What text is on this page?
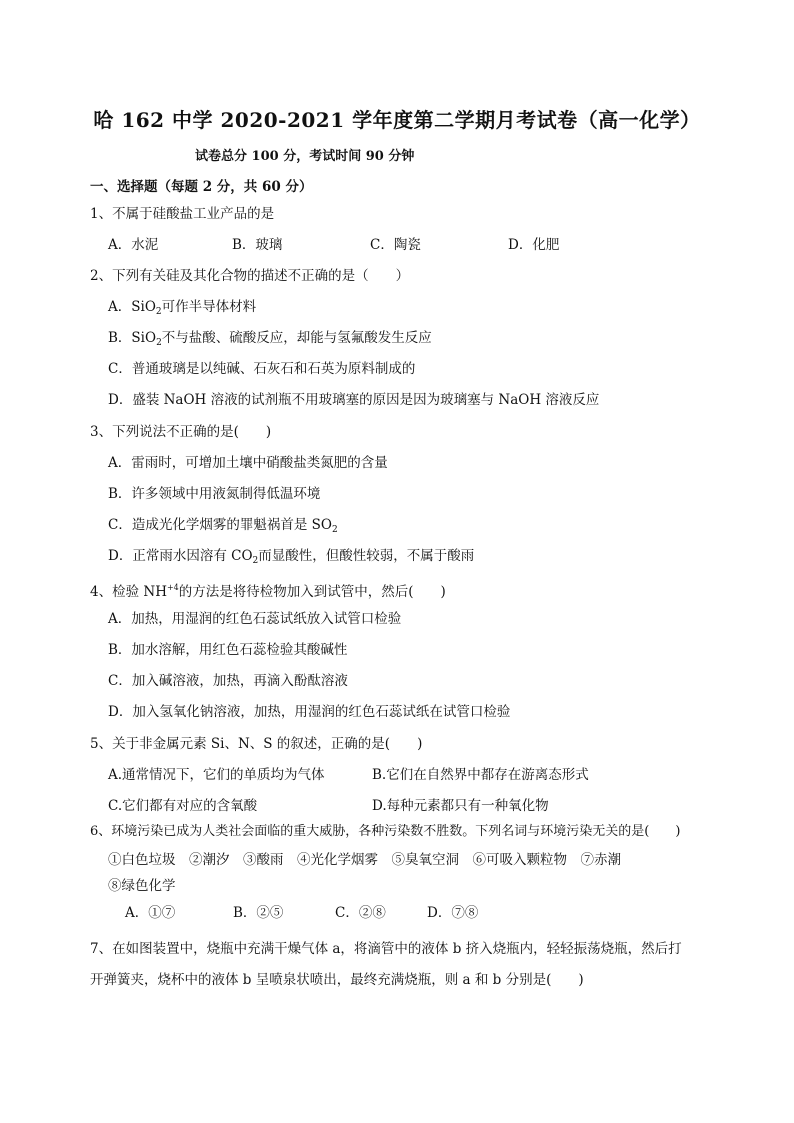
哈 162 中学 2020-2021 学年度第二学期月考试卷（高一化学）
试卷总分 100 分，考试时间 90 分钟
一、选择题（每题 2 分，共 60 分）
1、不属于硅酸盐工业产品的是
A．水泥	B．玻璃	C．陶瓷	D．化肥
2、下列有关硅及其化合物的描述不正确的是（　　）
A．SiO$_2$可作半导体材料
B．SiO$_2$不与盐酸、硫酸反应，却能与氢氟酸发生反应
C．普通玻璃是以纯碱、石灰石和石英为原料制成的
D．盛装 NaOH 溶液的试剂瓶不用玻璃塞的原因是因为玻璃塞与 NaOH 溶液反应
3、下列说法不正确的是(　　)
A．雷雨时，可增加土壤中硝酸盐类氮肥的含量
B．许多领域中用液氮制得低温环境
C．造成光化学烟雾的罪魁祸首是 $SO_2$
D．正常雨水因溶有 $CO_2$而显酸性，但酸性较弱，不属于酸雨
4、检验 $NH^{+4}$的方法是将待检物加入到试管中，然后(　　)
A．加热，用湿润的红色石蕊试纸放入试管口检验
B．加水溶解，用红色石蕊检验其酸碱性
C．加入碱溶液，加热，再滴入酚酞溶液
D．加入氢氧化钠溶液，加热，用湿润的红色石蕊试纸在试管口检验
5、关于非金属元素 Si、N、S 的叙述，正确的是(　　)
A.通常情况下，它们的单质均为气体	B.它们在自然界中都存在游离态形式
C.它们都有对应的含氧酸	D.每种元素都只有一种氧化物
6、环境污染已成为人类社会面临的重大威胁，各种污染数不胜数。下列名词与环境污染无关的是(　　)
①白色垃圾　②潮汐　③酸雨　④光化学烟雾　⑤臭氧空洞　⑥可吸入颗粒物　⑦赤潮
⑧绿色化学
A．①⑦	B．②⑤	C．②⑧	D．⑦⑧
7、在如图装置中，烧瓶中充满干燥气体 a，将滴管中的液体 b 挤入烧瓶内，轻轻振荡烧瓶，然后打
开弹簧夹，烧杯中的液体 b 呈喷泉状喷出，最终充满烧瓶，则 a 和 b 分别是(　　)
